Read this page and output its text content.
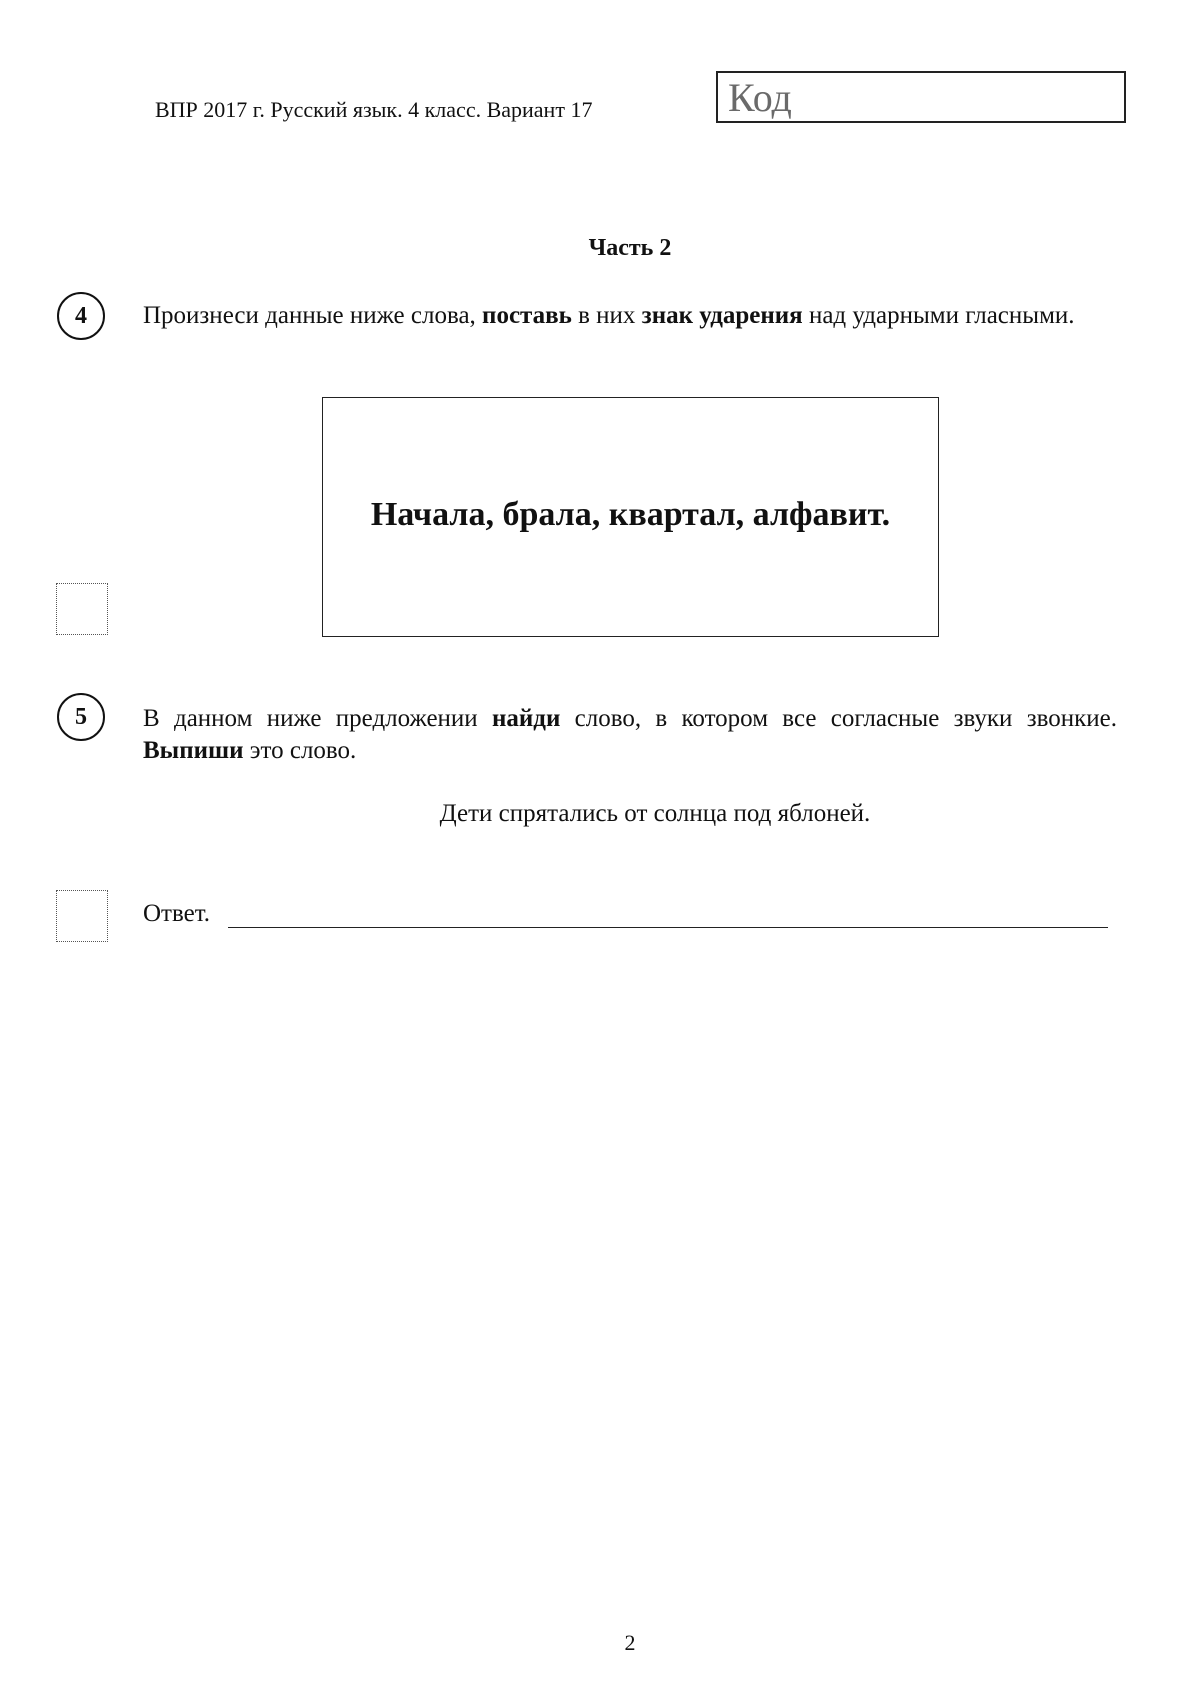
ВПР 2017 г. Русский язык. 4 класс. Вариант 17	Код
Часть 2
4	Произнеси данные ниже слова, поставь в них знак ударения над ударными гласными.
Начала, брала, квартал, алфавит.
5	В данном ниже предложении найди слово, в котором все согласные звуки звонкие. Выпиши это слово.
Дети спрятались от солнца под яблоней.
Ответ.
2
